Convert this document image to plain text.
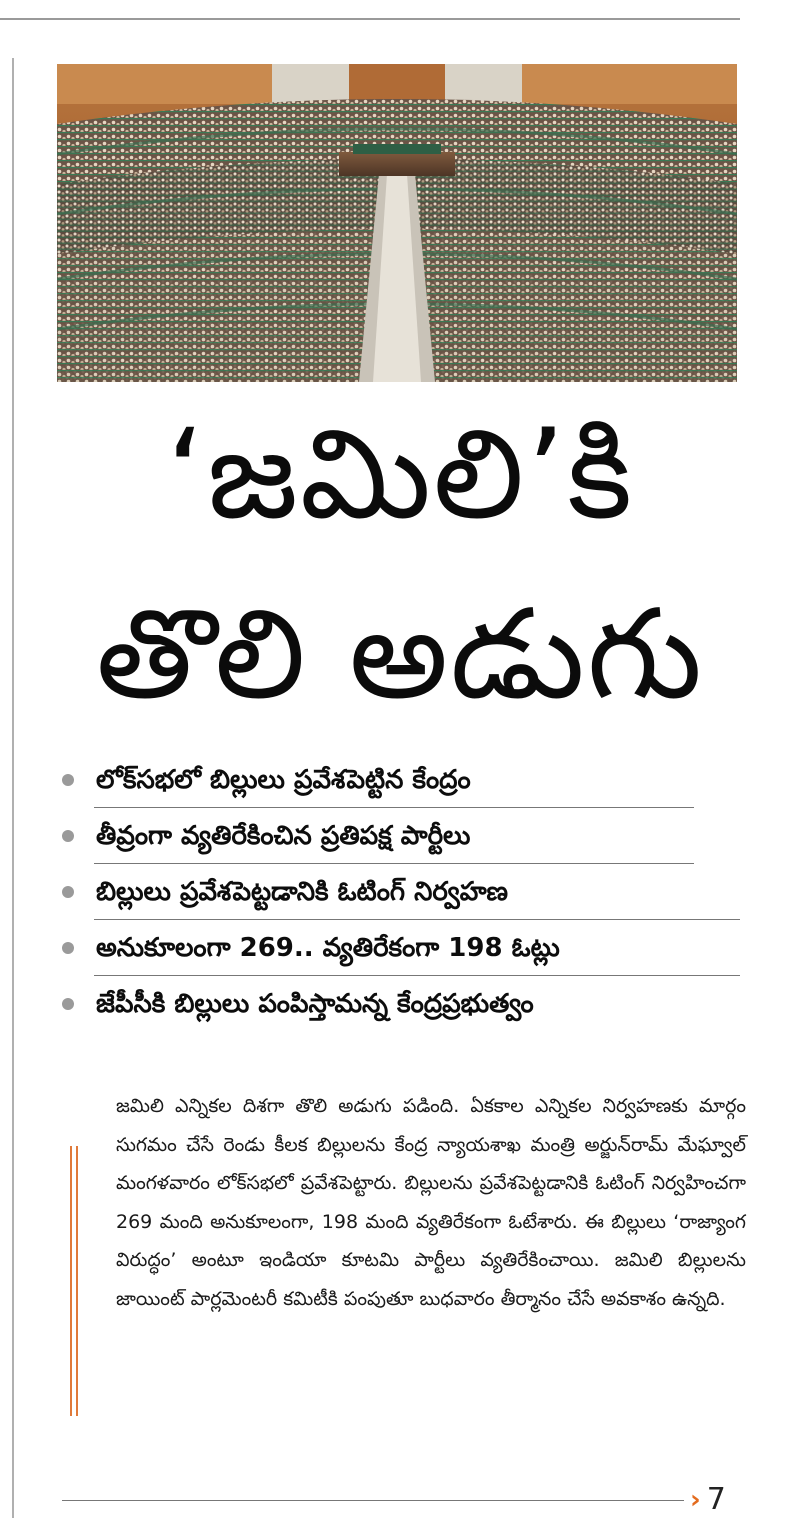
‘జమిలి’కి
తొలి అడుగు
లోక్‌సభలో బిల్లులు ప్రవేశపెట్టిన కేంద్రం
తీవ్రంగా వ్యతిరేకించిన ప్రతిపక్ష పార్టీలు
బిల్లులు ప్రవేశపెట్టడానికి ఓటింగ్ నిర్వహణ
అనుకూలంగా 269.. వ్యతిరేకంగా 198 ఓట్లు
జేపీసీకి బిల్లులు పంపిస్తామన్న కేంద్రప్రభుత్వం

జమిలి ఎన్నికల దిశగా తొలి అడుగు పడింది. ఏకకాల ఎన్నికల నిర్వహణకు మార్గం సుగమం చేసే రెండు కీలక బిల్లులను కేంద్ర న్యాయశాఖ మంత్రి అర్జున్‌రామ్ మేఘ్వాల్ మంగళవారం లోక్‌సభలో ప్రవేశపెట్టారు. బిల్లులను ప్రవేశపెట్టడానికి ఓటింగ్ నిర్వహించగా 269 మంది అనుకూలంగా, 198 మంది వ్యతిరేకంగా ఓటేశారు. ఈ బిల్లులు ‘రాజ్యాంగ విరుద్ధం’ అంటూ ఇండియా కూటమి పార్టీలు వ్యతిరేకించాయి. జమిలి బిల్లులను జాయింట్ పార్లమెంటరీ కమిటీకి పంపుతూ బుధవారం తీర్మానం చేసే అవకాశం ఉన్నది.

› 7
